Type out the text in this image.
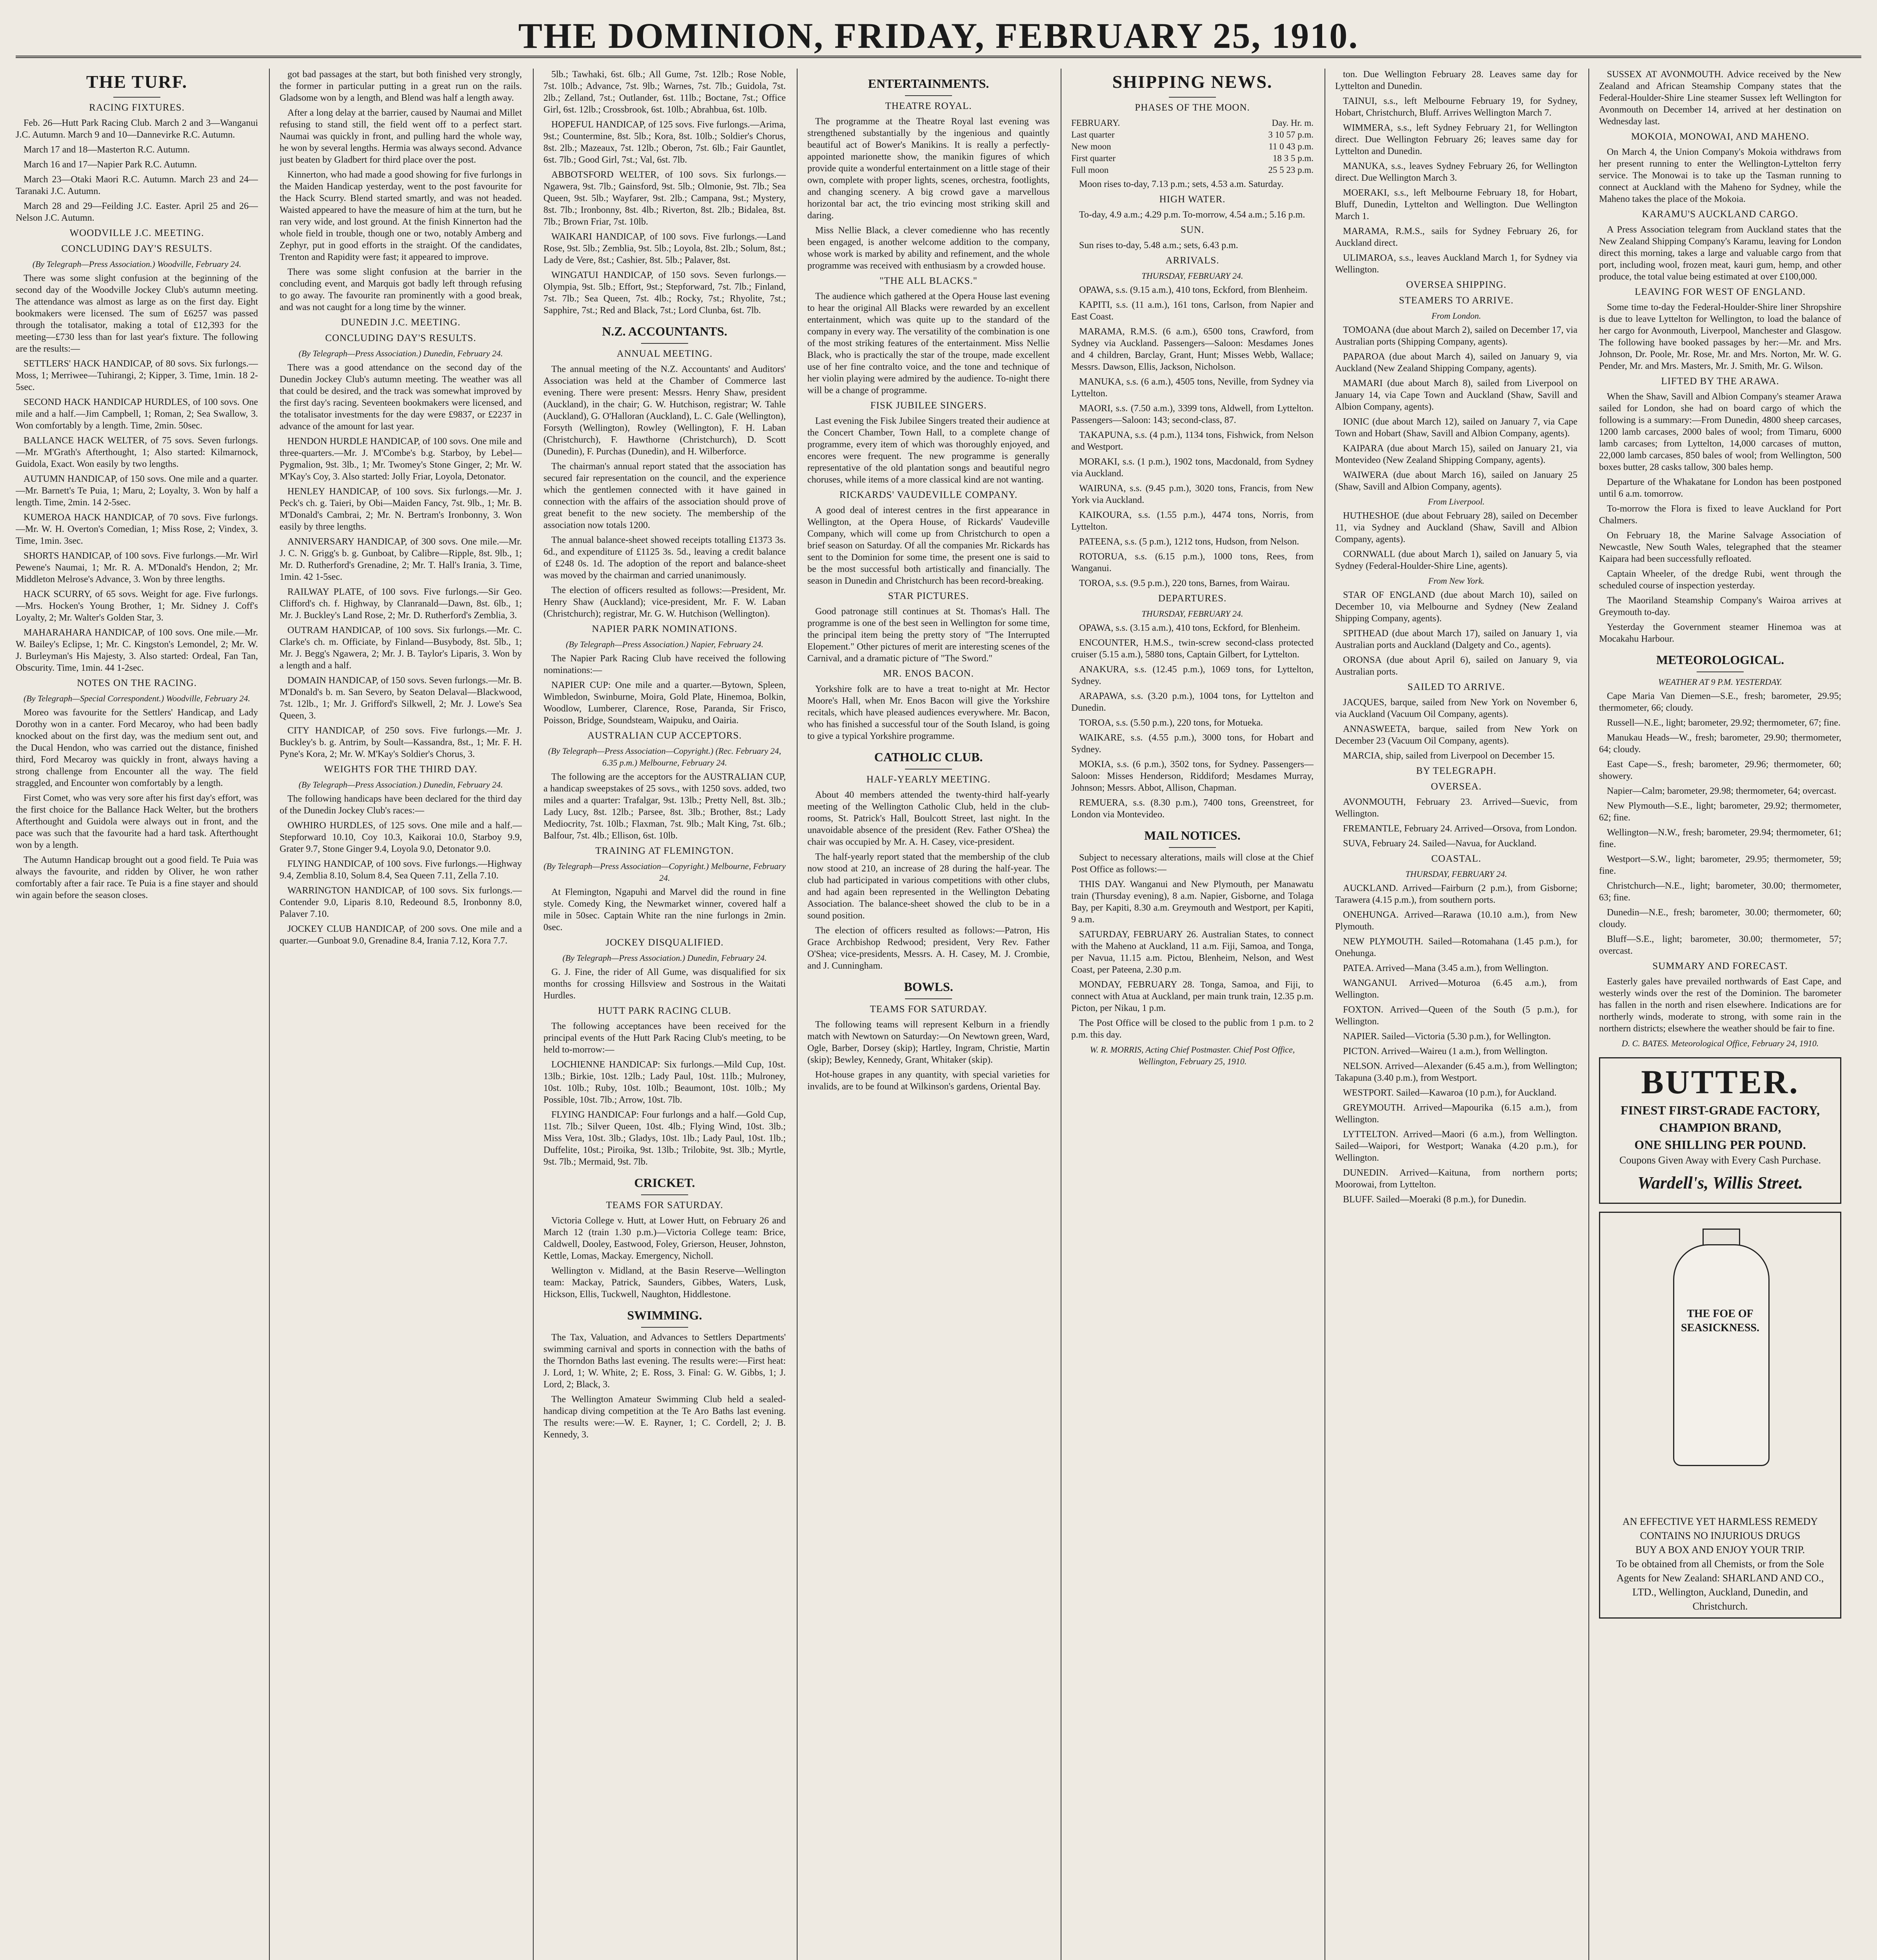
THE DOMINION, FRIDAY, FEBRUARY 25, 1910.
THE TURF.
RACING FIXTURES.

Feb. 26—Hutt Park Racing Club. March 2 and 3—Wanganui J.C. Autumn. March 9 and 10—Dannevirke R.C. Autumn.

March 17 and 18—Masterton R.C. Autumn.

March 16 and 17—Napier Park R.C. Autumn.

March 23—Otaki Maori R.C. Autumn. March 23 and 24—Taranaki J.C. Autumn.

March 28 and 29—Feilding J.C. Easter. April 25 and 26—Nelson J.C. Autumn.

WOODVILLE J.C. MEETING.
CONCLUDING DAY'S RESULTS.
(By Telegraph—Press Association.) Woodville, February 24.

There was some slight confusion at the beginning of the second day of the Woodville Jockey Club's autumn meeting. The attendance was almost as large as on the first day. Eight bookmakers were licensed. The sum of £6257 was passed through the totalisator, making a total of £12,393 for the meeting—£730 less than for last year's fixture. The following are the results:—

SETTLERS' HACK HANDICAP, of 80 sovs. Six furlongs.—Moss, 1; Merriwee—Tuhirangi, 2; Kipper, 3. Time, 1min. 18 2-5sec.

SECOND HACK HANDICAP HURDLES, of 100 sovs. One mile and a half.—Jim Campbell, 1; Roman, 2; Sea Swallow, 3. Won comfortably by a length. Time, 2min. 50sec.

BALLANCE HACK WELTER, of 75 sovs. Seven furlongs.—Mr. M'Grath's Afterthought, 1; Also started: Kilmarnock, Guidola, Exact. Won easily by two lengths.

AUTUMN HANDICAP, of 150 sovs. One mile and a quarter.—Mr. Barnett's Te Puia, 1; Maru, 2; Loyalty, 3. Won by half a length. Time, 2min. 14 2-5sec.

KUMEROA HACK HANDICAP, of 70 sovs. Five furlongs.—Mr. W. H. Overton's Comedian, 1; Miss Rose, 2; Vindex, 3. Time, 1min. 3sec.

SHORTS HANDICAP, of 100 sovs. Five furlongs.—Mr. Wirl Pewene's Naumai, 1; Mr. R. A. M'Donald's Hendon, 2; Mr. Middleton Melrose's Advance, 3. Won by three lengths.

HACK SCURRY, of 65 sovs. Weight for age. Five furlongs.—Mrs. Hocken's Young Brother, 1; Mr. Sidney J. Coff's Loyalty, 2; Mr. Walter's Golden Star, 3.

MAHARAHARA HANDICAP, of 100 sovs. One mile.—Mr. W. Bailey's Eclipse, 1; Mr. C. Kingston's Lemondel, 2; Mr. W. J. Burleyman's His Majesty, 3. Also started: Ordeal, Fan Tan, Obscurity. Time, 1min. 44 1-2sec.

NOTES ON THE RACING.
(By Telegraph—Special Correspondent.) Woodville, February 24.

Moreo was favourite for the Settlers' Handicap, and Lady Dorothy won in a canter. Ford Mecaroy, who had been badly knocked about on the first day, was the medium sent out, and the Ducal Hendon, who was carried out the distance, finished third, Ford Mecaroy was quickly in front, always having a strong challenge from Encounter all the way. The field straggled, and Encounter won comfortably by a length.

First Comet, who was very sore after his first day's effort, was the first choice for the Ballance Hack Welter, but the brothers Afterthought and Guidola were always out in front, and the pace was such that the favourite had a hard task. Afterthought won by a length.

The Autumn Handicap brought out a good field. Te Puia was always the favourite, and ridden by Oliver, he won rather comfortably after a fair race. Te Puia is a fine stayer and should win again before the season closes.

got bad passages at the start, but both finished very strongly, the former in particular putting in a great run on the rails. Gladsome won by a length, and Blend was half a length away.

After a long delay at the barrier, caused by Naumai and Millet refusing to stand still, the field went off to a perfect start. Naumai was quickly in front, and pulling hard the whole way, he won by several lengths. Hermia was always second. Advance just beaten by Gladbert for third place over the post.

Kinnerton, who had made a good showing for five furlongs in the Maiden Handicap yesterday, went to the post favourite for the Hack Scurry. Blend started smartly, and was not headed. Waisted appeared to have the measure of him at the turn, but he ran very wide, and lost ground. At the finish Kinnerton had the whole field in trouble, though one or two, notably Amberg and Zephyr, put in good efforts in the straight. Of the candidates, Trenton and Rapidity were fast; it appeared to improve.

There was some slight confusion at the barrier in the concluding event, and Marquis got badly left through refusing to go away. The favourite ran prominently with a good break, and was not caught for a long time by the winner.

DUNEDIN J.C. MEETING.
CONCLUDING DAY'S RESULTS.
(By Telegraph—Press Association.) Dunedin, February 24.

There was a good attendance on the second day of the Dunedin Jockey Club's autumn meeting. The weather was all that could be desired, and the track was somewhat improved by the first day's racing. Seventeen bookmakers were licensed, and the totalisator investments for the day were £9837, or £2237 in advance of the amount for last year.

HENDON HURDLE HANDICAP, of 100 sovs. One mile and three-quarters.—Mr. J. M'Combe's b.g. Starboy, by Lebel—Pygmalion, 9st. 3lb., 1; Mr. Twomey's Stone Ginger, 2; Mr. W. M'Kay's Coy, 3. Also started: Jolly Friar, Loyola, Detonator.

HENLEY HANDICAP, of 100 sovs. Six furlongs.—Mr. J. Peck's ch. g. Taieri, by Obi—Maiden Fancy, 7st. 9lb., 1; Mr. B. M'Donald's Cambrai, 2; Mr. N. Bertram's Ironbonny, 3. Won easily by three lengths.

ANNIVERSARY HANDICAP, of 300 sovs. One mile.—Mr. J. C. N. Grigg's b. g. Gunboat, by Calibre—Ripple, 8st. 9lb., 1; Mr. D. Rutherford's Grenadine, 2; Mr. T. Hall's Irania, 3. Time, 1min. 42 1-5sec.

RAILWAY PLATE, of 100 sovs. Five furlongs.—Sir Geo. Clifford's ch. f. Highway, by Clanranald—Dawn, 8st. 6lb., 1; Mr. J. Buckley's Land Rose, 2; Mr. D. Rutherford's Zemblia, 3.

OUTRAM HANDICAP, of 100 sovs. Six furlongs.—Mr. C. Clarke's ch. m. Officiate, by Finland—Busybody, 8st. 5lb., 1; Mr. J. Begg's Ngawera, 2; Mr. J. B. Taylor's Liparis, 3. Won by a length and a half.

DOMAIN HANDICAP, of 150 sovs. Seven furlongs.—Mr. B. M'Donald's b. m. San Severo, by Seaton Delaval—Blackwood, 7st. 12lb., 1; Mr. J. Grifford's Silkwell, 2; Mr. J. Lowe's Sea Queen, 3.

CITY HANDICAP, of 250 sovs. Five furlongs.—Mr. J. Buckley's b. g. Antrim, by Soult—Kassandra, 8st., 1; Mr. F. H. Pyne's Kora, 2; Mr. W. M'Kay's Soldier's Chorus, 3.

WEIGHTS FOR THE THIRD DAY.
(By Telegraph—Press Association.) Dunedin, February 24.

The following handicaps have been declared for the third day of the Dunedin Jockey Club's races:—

OWHIRO HURDLES, of 125 sovs. One mile and a half.—Stepforward 10.10, Coy 10.3, Kaikorai 10.0, Starboy 9.9, Grater 9.7, Stone Ginger 9.4, Loyola 9.0, Detonator 9.0.

FLYING HANDICAP, of 100 sovs. Five furlongs.—Highway 9.4, Zemblia 8.10, Solum 8.4, Sea Queen 7.11, Zella 7.10.

WARRINGTON HANDICAP, of 100 sovs. Six furlongs.—Contender 9.0, Liparis 8.10, Redeound 8.5, Ironbonny 8.0, Palaver 7.10.

JOCKEY CLUB HANDICAP, of 200 sovs. One mile and a quarter.—Gunboat 9.0, Grenadine 8.4, Irania 7.12, Kora 7.7.

5lb.; Tawhaki, 6st. 6lb.; All Gume, 7st. 12lb.; Rose Noble, 7st. 10lb.; Advance, 7st. 9lb.; Warnes, 7st. 7lb.; Guidola, 7st. 2lb.; Zelland, 7st.; Outlander, 6st. 11lb.; Boctane, 7st.; Office Girl, 6st. 12lb.; Crossbrook, 6st. 10lb.; Abrahbua, 6st. 10lb.

HOPEFUL HANDICAP, of 125 sovs. Five furlongs.—Arima, 9st.; Countermine, 8st. 5lb.; Kora, 8st. 10lb.; Soldier's Chorus, 8st. 2lb.; Mazeaux, 7st. 12lb.; Oberon, 7st. 6lb.; Fair Gauntlet, 6st. 7lb.; Good Girl, 7st.; Val, 6st. 7lb.

ABBOTSFORD WELTER, of 100 sovs. Six furlongs.—Ngawera, 9st. 7lb.; Gainsford, 9st. 5lb.; Olmonie, 9st. 7lb.; Sea Queen, 9st. 5lb.; Wayfarer, 9st. 2lb.; Campana, 9st.; Mystery, 8st. 7lb.; Ironbonny, 8st. 4lb.; Riverton, 8st. 2lb.; Bidalea, 8st. 7lb.; Brown Friar, 7st. 10lb.

WAIKARI HANDICAP, of 100 sovs. Five furlongs.—Land Rose, 9st. 5lb.; Zemblia, 9st. 5lb.; Loyola, 8st. 2lb.; Solum, 8st.; Lady de Vere, 8st.; Cashier, 8st. 5lb.; Palaver, 8st.

WINGATUI HANDICAP, of 150 sovs. Seven furlongs.—Olympia, 9st. 5lb.; Effort, 9st.; Stepforward, 7st. 7lb.; Finland, 7st. 7lb.; Sea Queen, 7st. 4lb.; Rocky, 7st.; Rhyolite, 7st.; Sapphire, 7st.; Red and Black, 7st.; Lord Clunba, 6st. 7lb.

N.Z. ACCOUNTANTS.
ANNUAL MEETING.

The annual meeting of the N.Z. Accountants' and Auditors' Association was held at the Chamber of Commerce last evening. There were present: Messrs. Henry Shaw, president (Auckland), in the chair; G. W. Hutchison, registrar; W. Tahle (Auckland), G. O'Halloran (Auckland), L. C. Gale (Wellington), Forsyth (Wellington), Rowley (Wellington), F. H. Laban (Christchurch), F. Hawthorne (Christchurch), D. Scott (Dunedin), F. Purchas (Dunedin), and H. Wilberforce.

The chairman's annual report stated that the association has secured fair representation on the council, and the experience which the gentlemen connected with it have gained in connection with the affairs of the association should prove of great benefit to the new society. The membership of the association now totals 1200.

The annual balance-sheet showed receipts totalling £1373 3s. 6d., and expenditure of £1125 3s. 5d., leaving a credit balance of £248 0s. 1d. The adoption of the report and balance-sheet was moved by the chairman and carried unanimously.

The election of officers resulted as follows:—President, Mr. Henry Shaw (Auckland); vice-president, Mr. F. W. Laban (Christchurch); registrar, Mr. G. W. Hutchison (Wellington).

NAPIER PARK NOMINATIONS.
(By Telegraph—Press Association.) Napier, February 24.

The Napier Park Racing Club have received the following nominations:—

NAPIER CUP: One mile and a quarter.—Bytown, Spleen, Wimbledon, Swinburne, Moira, Gold Plate, Hinemoa, Bolkin, Woodlow, Lumberer, Clarence, Rose, Paranda, Sir Frisco, Poisson, Bridge, Soundsteam, Waipuku, and Oairia.

AUSTRALIAN CUP ACCEPTORS.
(By Telegraph—Press Association—Copyright.) (Rec. February 24, 6.35 p.m.) Melbourne, February 24.

The following are the acceptors for the AUSTRALIAN CUP, a handicap sweepstakes of 25 sovs., with 1250 sovs. added, two miles and a quarter: Trafalgar, 9st. 13lb.; Pretty Nell, 8st. 3lb.; Lady Lucy, 8st. 12lb.; Parsee, 8st. 3lb.; Brother, 8st.; Lady Mediocrity, 7st. 10lb.; Flaxman, 7st. 9lb.; Malt King, 7st. 6lb.; Balfour, 7st. 4lb.; Ellison, 6st. 10lb.

TRAINING AT FLEMINGTON.
(By Telegraph—Press Association—Copyright.) Melbourne, February 24.

At Flemington, Ngapuhi and Marvel did the round in fine style. Comedy King, the Newmarket winner, covered half a mile in 50sec. Captain White ran the nine furlongs in 2min. 0sec.

JOCKEY DISQUALIFIED.
(By Telegraph—Press Association.) Dunedin, February 24.

G. J. Fine, the rider of All Gume, was disqualified for six months for crossing Hillsview and Sostrous in the Waitati Hurdles.

HUTT PARK RACING CLUB.

The following acceptances have been received for the principal events of the Hutt Park Racing Club's meeting, to be held to-morrow:—

LOCHIENNE HANDICAP: Six furlongs.—Mild Cup, 10st. 13lb.; Birkie, 10st. 12lb.; Lady Paul, 10st. 11lb.; Mulroney, 10st. 10lb.; Ruby, 10st. 10lb.; Beaumont, 10st. 10lb.; My Possible, 10st. 7lb.; Arrow, 10st. 7lb.

FLYING HANDICAP: Four furlongs and a half.—Gold Cup, 11st. 7lb.; Silver Queen, 10st. 4lb.; Flying Wind, 10st. 3lb.; Miss Vera, 10st. 3lb.; Gladys, 10st. 1lb.; Lady Paul, 10st. 1lb.; Duffelite, 10st.; Piroika, 9st. 13lb.; Trilobite, 9st. 3lb.; Myrtle, 9st. 7lb.; Mermaid, 9st. 7lb.

CRICKET.
TEAMS FOR SATURDAY.

Victoria College v. Hutt, at Lower Hutt, on February 26 and March 12 (train 1.30 p.m.)—Victoria College team: Brice, Caldwell, Dooley, Eastwood, Foley, Grierson, Heuser, Johnston, Kettle, Lomas, Mackay. Emergency, Nicholl.

Wellington v. Midland, at the Basin Reserve—Wellington team: Mackay, Patrick, Saunders, Gibbes, Waters, Lusk, Hickson, Ellis, Tuckwell, Naughton, Hiddlestone.

SWIMMING.

The Tax, Valuation, and Advances to Settlers Departments' swimming carnival and sports in connection with the baths of the Thorndon Baths last evening. The results were:—First heat: J. Lord, 1; W. White, 2; E. Ross, 3. Final: G. W. Gibbs, 1; J. Lord, 2; Black, 3.

The Wellington Amateur Swimming Club held a sealed-handicap diving competition at the Te Aro Baths last evening. The results were:—W. E. Rayner, 1; C. Cordell, 2; J. B. Kennedy, 3.

ENTERTAINMENTS.
THEATRE ROYAL.

The programme at the Theatre Royal last evening was strengthened substantially by the ingenious and quaintly beautiful act of Bower's Manikins. It is really a perfectly-appointed marionette show, the manikin figures of which provide quite a wonderful entertainment on a little stage of their own, complete with proper lights, scenes, orchestra, footlights, and changing scenery. A big crowd gave a marvellous horizontal bar act, the trio evincing most striking skill and daring.

Miss Nellie Black, a clever comedienne who has recently been engaged, is another welcome addition to the company, whose work is marked by ability and refinement, and the whole programme was received with enthusiasm by a crowded house.

"THE ALL BLACKS."

The audience which gathered at the Opera House last evening to hear the original All Blacks were rewarded by an excellent entertainment, which was quite up to the standard of the company in every way. The versatility of the combination is one of the most striking features of the entertainment. Miss Nellie Black, who is practically the star of the troupe, made excellent use of her fine contralto voice, and the tone and technique of her violin playing were admired by the audience. To-night there will be a change of programme.

FISK JUBILEE SINGERS.

Last evening the Fisk Jubilee Singers treated their audience at the Concert Chamber, Town Hall, to a complete change of programme, every item of which was thoroughly enjoyed, and encores were frequent. The new programme is generally representative of the old plantation songs and beautiful negro choruses, while items of a more classical kind are not wanting.

RICKARDS' VAUDEVILLE COMPANY.

A good deal of interest centres in the first appearance in Wellington, at the Opera House, of Rickards' Vaudeville Company, which will come up from Christchurch to open a brief season on Saturday. Of all the companies Mr. Rickards has sent to the Dominion for some time, the present one is said to be the most successful both artistically and financially. The season in Dunedin and Christchurch has been record-breaking.

STAR PICTURES.

Good patronage still continues at St. Thomas's Hall. The programme is one of the best seen in Wellington for some time, the principal item being the pretty story of "The Interrupted Elopement." Other pictures of merit are interesting scenes of the Carnival, and a dramatic picture of "The Sword."

MR. ENOS BACON.

Yorkshire folk are to have a treat to-night at Mr. Hector Moore's Hall, when Mr. Enos Bacon will give the Yorkshire recitals, which have pleased audiences everywhere. Mr. Bacon, who has finished a successful tour of the South Island, is going to give a typical Yorkshire programme.

CATHOLIC CLUB.
HALF-YEARLY MEETING.

About 40 members attended the twenty-third half-yearly meeting of the Wellington Catholic Club, held in the club-rooms, St. Patrick's Hall, Boulcott Street, last night. In the unavoidable absence of the president (Rev. Father O'Shea) the chair was occupied by Mr. A. H. Casey, vice-president.

The half-yearly report stated that the membership of the club now stood at 210, an increase of 28 during the half-year. The club had participated in various competitions with other clubs, and had again been represented in the Wellington Debating Association. The balance-sheet showed the club to be in a sound position.

The election of officers resulted as follows:—Patron, His Grace Archbishop Redwood; president, Very Rev. Father O'Shea; vice-presidents, Messrs. A. H. Casey, M. J. Crombie, and J. Cunningham.

BOWLS.
TEAMS FOR SATURDAY.

The following teams will represent Kelburn in a friendly match with Newtown on Saturday:—On Newtown green, Ward, Ogle, Barber, Dorsey (skip); Hartley, Ingram, Christie, Martin (skip); Bewley, Kennedy, Grant, Whitaker (skip).

Hot-house grapes in any quantity, with special varieties for invalids, are to be found at Wilkinson's gardens, Oriental Bay.

SHIPPING NEWS.
PHASES OF THE MOON.
FEBRUARY.	Day. Hr. m.
Last quarter	3 10 57 p.m.
New moon	11 0 43 p.m.
First quarter	18 3 5 p.m.
Full moon	25 5 23 p.m.

Moon rises to-day, 7.13 p.m.; sets, 4.53 a.m. Saturday.

HIGH WATER.

To-day, 4.9 a.m.; 4.29 p.m. To-morrow, 4.54 a.m.; 5.16 p.m.

SUN.

Sun rises to-day, 5.48 a.m.; sets, 6.43 p.m.

ARRIVALS.
THURSDAY, FEBRUARY 24.

OPAWA, s.s. (9.15 a.m.), 410 tons, Eckford, from Blenheim.

KAPITI, s.s. (11 a.m.), 161 tons, Carlson, from Napier and East Coast.

MARAMA, R.M.S. (6 a.m.), 6500 tons, Crawford, from Sydney via Auckland. Passengers—Saloon: Mesdames Jones and 4 children, Barclay, Grant, Hunt; Misses Webb, Wallace; Messrs. Dawson, Ellis, Jackson, Nicholson.

MANUKA, s.s. (6 a.m.), 4505 tons, Neville, from Sydney via Lyttelton.

MAORI, s.s. (7.50 a.m.), 3399 tons, Aldwell, from Lyttelton. Passengers—Saloon: 143; second-class, 87.

TAKAPUNA, s.s. (4 p.m.), 1134 tons, Fishwick, from Nelson and Westport.

MORAKI, s.s. (1 p.m.), 1902 tons, Macdonald, from Sydney via Auckland.

WAIRUNA, s.s. (9.45 p.m.), 3020 tons, Francis, from New York via Auckland.

KAIKOURA, s.s. (1.55 p.m.), 4474 tons, Norris, from Lyttelton.

PATEENA, s.s. (5 p.m.), 1212 tons, Hudson, from Nelson.

ROTORUA, s.s. (6.15 p.m.), 1000 tons, Rees, from Wanganui.

TOROA, s.s. (9.5 p.m.), 220 tons, Barnes, from Wairau.

DEPARTURES.
THURSDAY, FEBRUARY 24.

OPAWA, s.s. (3.15 a.m.), 410 tons, Eckford, for Blenheim.

ENCOUNTER, H.M.S., twin-screw second-class protected cruiser (5.15 a.m.), 5880 tons, Captain Gilbert, for Lyttelton.

ANAKURA, s.s. (12.45 p.m.), 1069 tons, for Lyttelton, Sydney.

ARAPAWA, s.s. (3.20 p.m.), 1004 tons, for Lyttelton and Dunedin.

TOROA, s.s. (5.50 p.m.), 220 tons, for Motueka.

WAIKARE, s.s. (4.55 p.m.), 3000 tons, for Hobart and Sydney.

MOKIA, s.s. (6 p.m.), 3502 tons, for Sydney. Passengers—Saloon: Misses Henderson, Riddiford; Mesdames Murray, Johnson; Messrs. Abbot, Allison, Chapman.

REMUERA, s.s. (8.30 p.m.), 7400 tons, Greenstreet, for London via Montevideo.

MAIL NOTICES.

Subject to necessary alterations, mails will close at the Chief Post Office as follows:—

THIS DAY. Wanganui and New Plymouth, per Manawatu train (Thursday evening), 8 a.m. Napier, Gisborne, and Tolaga Bay, per Kapiti, 8.30 a.m. Greymouth and Westport, per Kapiti, 9 a.m.

SATURDAY, FEBRUARY 26. Australian States, to connect with the Maheno at Auckland, 11 a.m. Fiji, Samoa, and Tonga, per Navua, 11.15 a.m. Pictou, Blenheim, Nelson, and West Coast, per Pateena, 2.30 p.m.

MONDAY, FEBRUARY 28. Tonga, Samoa, and Fiji, to connect with Atua at Auckland, per main trunk train, 12.35 p.m. Picton, per Nikau, 1 p.m.

The Post Office will be closed to the public from 1 p.m. to 2 p.m. this day.

W. R. MORRIS, Acting Chief Postmaster. Chief Post Office, Wellington, February 25, 1910.

ton. Due Wellington February 28. Leaves same day for Lyttelton and Dunedin.

TAINUI, s.s., left Melbourne February 19, for Sydney, Hobart, Christchurch, Bluff. Arrives Wellington March 7.

WIMMERA, s.s., left Sydney February 21, for Wellington direct. Due Wellington February 26; leaves same day for Lyttelton and Dunedin.

MANUKA, s.s., leaves Sydney February 26, for Wellington direct. Due Wellington March 3.

MOERAKI, s.s., left Melbourne February 18, for Hobart, Bluff, Dunedin, Lyttelton and Wellington. Due Wellington March 1.

MARAMA, R.M.S., sails for Sydney February 26, for Auckland direct.

ULIMAROA, s.s., leaves Auckland March 1, for Sydney via Wellington.

OVERSEA SHIPPING.
STEAMERS TO ARRIVE.
From London.

TOMOANA (due about March 2), sailed on December 17, via Australian ports (Shipping Company, agents).

PAPAROA (due about March 4), sailed on January 9, via Auckland (New Zealand Shipping Company, agents).

MAMARI (due about March 8), sailed from Liverpool on January 14, via Cape Town and Auckland (Shaw, Savill and Albion Company, agents).

IONIC (due about March 12), sailed on January 7, via Cape Town and Hobart (Shaw, Savill and Albion Company, agents).

KAIPARA (due about March 15), sailed on January 21, via Montevideo (New Zealand Shipping Company, agents).

WAIWERA (due about March 16), sailed on January 25 (Shaw, Savill and Albion Company, agents).

From Liverpool.

HUTHESHOE (due about February 28), sailed on December 11, via Sydney and Auckland (Shaw, Savill and Albion Company, agents).

CORNWALL (due about March 1), sailed on January 5, via Sydney (Federal-Houlder-Shire Line, agents).

From New York.

STAR OF ENGLAND (due about March 10), sailed on December 10, via Melbourne and Sydney (New Zealand Shipping Company, agents).

SPITHEAD (due about March 17), sailed on January 1, via Australian ports and Auckland (Dalgety and Co., agents).

ORONSA (due about April 6), sailed on January 9, via Australian ports.

SAILED TO ARRIVE.

JACQUES, barque, sailed from New York on November 6, via Auckland (Vacuum Oil Company, agents).

ANNASWEETA, barque, sailed from New York on December 23 (Vacuum Oil Company, agents).

MARCIA, ship, sailed from Liverpool on December 15.

BY TELEGRAPH.
OVERSEA.

AVONMOUTH, February 23. Arrived—Suevic, from Wellington.

FREMANTLE, February 24. Arrived—Orsova, from London.

SUVA, February 24. Sailed—Navua, for Auckland.

COASTAL.
THURSDAY, FEBRUARY 24.

AUCKLAND. Arrived—Fairburn (2 p.m.), from Gisborne; Tarawera (4.15 p.m.), from southern ports.

ONEHUNGA. Arrived—Rarawa (10.10 a.m.), from New Plymouth.

NEW PLYMOUTH. Sailed—Rotomahana (1.45 p.m.), for Onehunga.

PATEA. Arrived—Mana (3.45 a.m.), from Wellington.

WANGANUI. Arrived—Moturoa (6.45 a.m.), from Wellington.

FOXTON. Arrived—Queen of the South (5 p.m.), for Wellington.

NAPIER. Sailed—Victoria (5.30 p.m.), for Wellington.

PICTON. Arrived—Waireu (1 a.m.), from Wellington.

NELSON. Arrived—Alexander (6.45 a.m.), from Wellington; Takapuna (3.40 p.m.), from Westport.

WESTPORT. Sailed—Kawaroa (10 p.m.), for Auckland.

GREYMOUTH. Arrived—Mapourika (6.15 a.m.), from Wellington.

LYTTELTON. Arrived—Maori (6 a.m.), from Wellington. Sailed—Waipori, for Westport; Wanaka (4.20 p.m.), for Wellington.

DUNEDIN. Arrived—Kaituna, from northern ports; Moorowai, from Lyttelton.

BLUFF. Sailed—Moeraki (8 p.m.), for Dunedin.

SUSSEX AT AVONMOUTH. Advice received by the New Zealand and African Steamship Company states that the Federal-Houlder-Shire Line steamer Sussex left Wellington for Avonmouth on December 14, arrived at her destination on Wednesday last.

MOKOIA, MONOWAI, AND MAHENO.

On March 4, the Union Company's Mokoia withdraws from her present running to enter the Wellington-Lyttelton ferry service. The Monowai is to take up the Tasman running to connect at Auckland with the Maheno for Sydney, while the Maheno takes the place of the Mokoia.

KARAMU'S AUCKLAND CARGO.

A Press Association telegram from Auckland states that the New Zealand Shipping Company's Karamu, leaving for London direct this morning, takes a large and valuable cargo from that port, including wool, frozen meat, kauri gum, hemp, and other produce, the total value being estimated at over £100,000.

LEAVING FOR WEST OF ENGLAND.

Some time to-day the Federal-Houlder-Shire liner Shropshire is due to leave Lyttelton for Wellington, to load the balance of her cargo for Avonmouth, Liverpool, Manchester and Glasgow. The following have booked passages by her:—Mr. and Mrs. Johnson, Dr. Poole, Mr. Rose, Mr. and Mrs. Norton, Mr. W. G. Pender, Mr. and Mrs. Masters, Mr. J. Smith, Mr. G. Wilson.

LIFTED BY THE ARAWA.

When the Shaw, Savill and Albion Company's steamer Arawa sailed for London, she had on board cargo of which the following is a summary:—From Dunedin, 4800 sheep carcases, 1200 lamb carcases, 2000 bales of wool; from Timaru, 6000 lamb carcases; from Lyttelton, 14,000 carcases of mutton, 22,000 lamb carcases, 850 bales of wool; from Wellington, 500 boxes butter, 28 casks tallow, 300 bales hemp.

Departure of the Whakatane for London has been postponed until 6 a.m. tomorrow.

To-morrow the Flora is fixed to leave Auckland for Port Chalmers.

On February 18, the Marine Salvage Association of Newcastle, New South Wales, telegraphed that the steamer Kaipara had been successfully refloated.

Captain Wheeler, of the dredge Rubi, went through the scheduled course of inspection yesterday.

The Maoriland Steamship Company's Wairoa arrives at Greymouth to-day.

Yesterday the Government steamer Hinemoa was at Mocakahu Harbour.

METEOROLOGICAL.
WEATHER AT 9 P.M. YESTERDAY.

Cape Maria Van Diemen—S.E., fresh; barometer, 29.95; thermometer, 66; cloudy.

Russell—N.E., light; barometer, 29.92; thermometer, 67; fine.

Manukau Heads—W., fresh; barometer, 29.90; thermometer, 64; cloudy.

East Cape—S., fresh; barometer, 29.96; thermometer, 60; showery.

Napier—Calm; barometer, 29.98; thermometer, 64; overcast.

New Plymouth—S.E., light; barometer, 29.92; thermometer, 62; fine.

Wellington—N.W., fresh; barometer, 29.94; thermometer, 61; fine.

Westport—S.W., light; barometer, 29.95; thermometer, 59; fine.

Christchurch—N.E., light; barometer, 30.00; thermometer, 63; fine.

Dunedin—N.E., fresh; barometer, 30.00; thermometer, 60; cloudy.

Bluff—S.E., light; barometer, 30.00; thermometer, 57; overcast.

SUMMARY AND FORECAST.

Easterly gales have prevailed northwards of East Cape, and westerly winds over the rest of the Dominion. The barometer has fallen in the north and risen elsewhere. Indications are for northerly winds, moderate to strong, with some rain in the northern districts; elsewhere the weather should be fair to fine.

D. C. BATES. Meteorological Office, February 24, 1910.
BUTTER.
FINEST FIRST-GRADE FACTORY,
CHAMPION BRAND,
ONE SHILLING PER POUND.
Coupons Given Away with Every Cash Purchase.
Wardell's, Willis Street.
THE FOE OF SEASICKNESS.
AN EFFECTIVE YET HARMLESS REMEDY
CONTAINS NO INJURIOUS DRUGS
BUY A BOX AND ENJOY YOUR TRIP.
To be obtained from all Chemists, or from the Sole Agents for New Zealand: SHARLAND AND CO., LTD., Wellington, Auckland, Dunedin, and Christchurch.
